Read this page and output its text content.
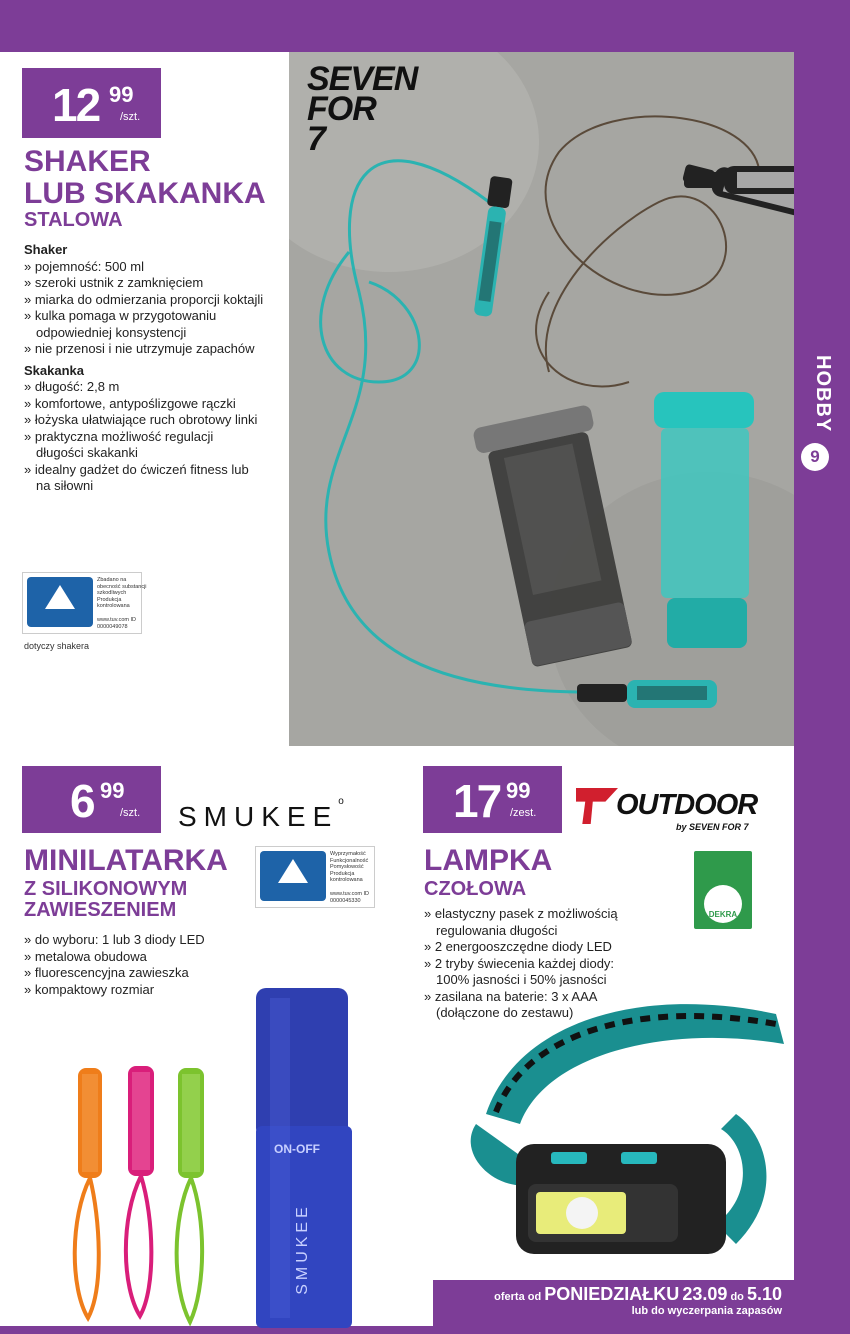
HOBBY
9
12 99
/szt.
SHAKER
LUB SKAKANKA
STALOWA
Shaker
» pojemność: 500 ml
» szeroki ustnik z zamknięciem
» miarka do odmierzania proporcji koktajli
» kulka pomaga w przygotowaniu odpowiedniej konsystencji
» nie przenosi i nie utrzymuje zapachów
Skakanka
» długość: 2,8 m
» komfortowe, antypoślizgowe rączki
» łożyska ułatwiające ruch obrotowy linki
» praktyczna możliwość regulacji długości skakanki
» idealny gadżet do ćwiczeń fitness lub na siłowni
Zbadano na obecność substancji szkodliwych Produkcja kontrolowana
www.tuv.com ID 0000049078
dotyczy shakera
SEVEN
FOR
7
6 99
/szt. SMUKEE$^o$
MINILATARKA
Z SILIKONOWYM
ZAWIESZENIEM
Wyprzymałość Funkcjonalność Pomysłowość Produkcja kontrolowana
www.tuv.com ID 0000045330
» do wyboru: 1 lub 3 diody LED
» metalowa obudowa
» fluorescencyjna zawieszka
» kompaktowy rozmiar
ON-OFF
SMUKEE
17 99
/zest.	OUTDOOR
by SEVEN FOR 7
LAMPKA
CZOŁOWA
DEKRA
» elastyczny pasek z możliwością regulowania długości
» 2 energooszczędne diody LED
» 2 tryby świecenia każdej diody: 100% jasności i 50% jasności
» zasilana na baterie: 3 x AAA (dołączone do zestawu)
oferta od PONIEDZIAŁKU 23.09 do 5.10
lub do wyczerpania zapasów
